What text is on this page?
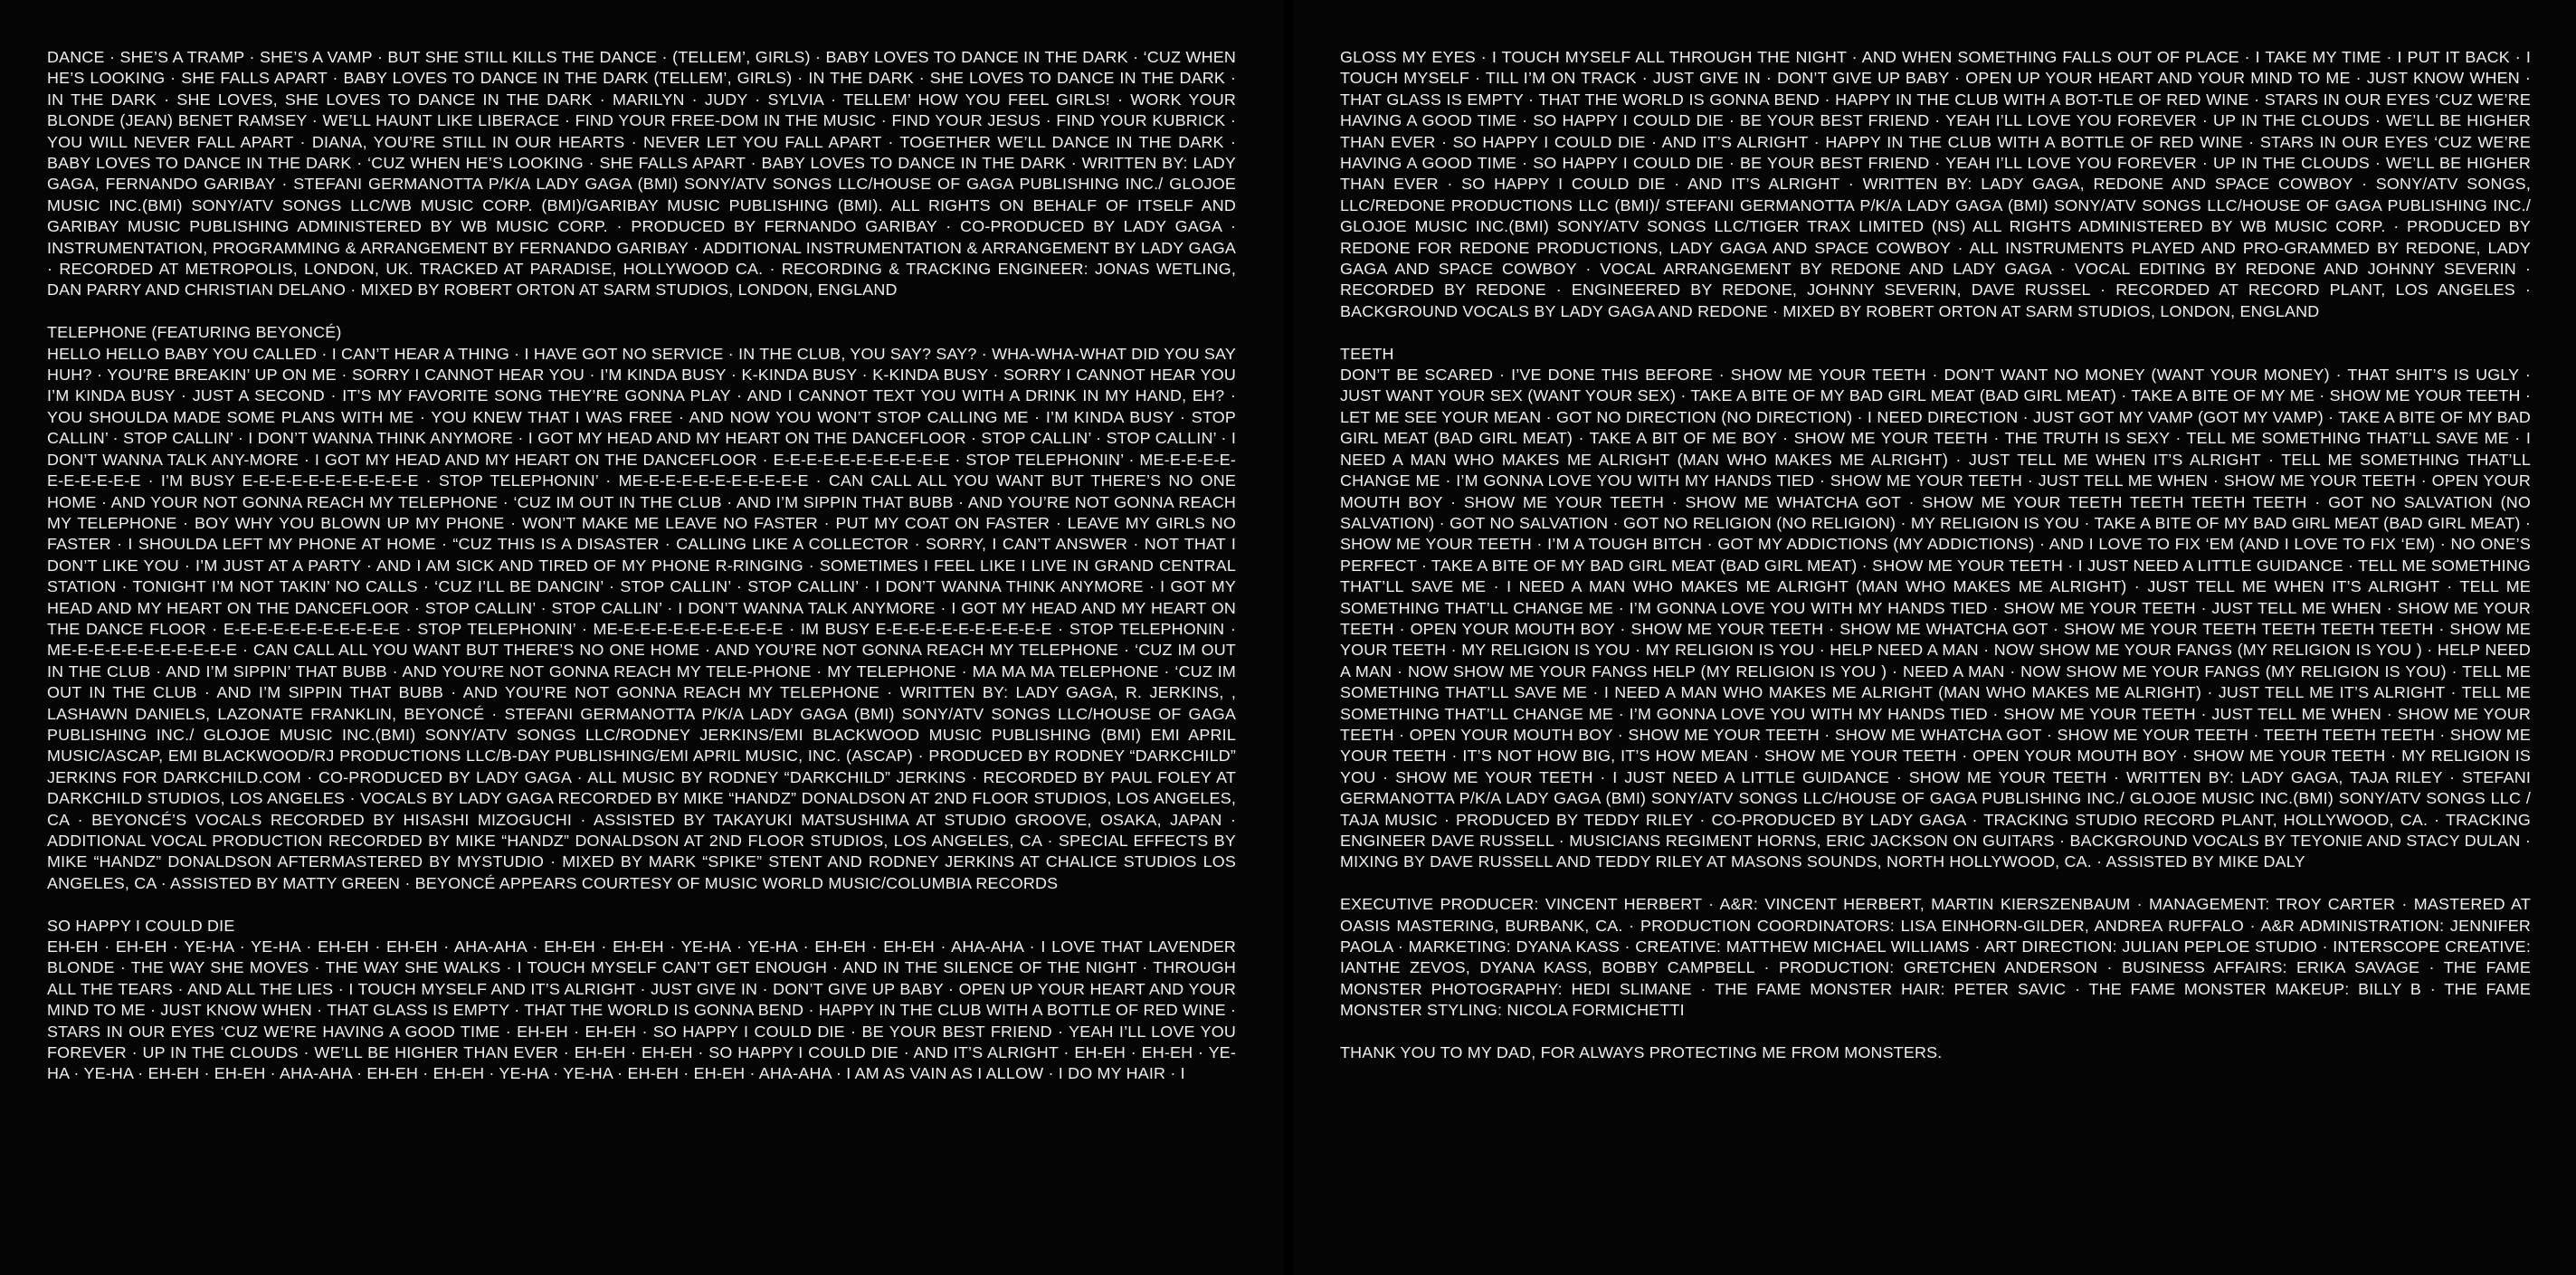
DANCE · SHE’S A TRAMP · SHE’S A VAMP · BUT SHE STILL KILLS THE DANCE · (TELLEM’, GIRLS) · BABY LOVES TO DANCE IN THE DARK · ‘CUZ WHEN HE’S LOOKING · SHE FALLS APART · BABY LOVES TO DANCE IN THE DARK (TELLEM’, GIRLS) · IN THE DARK · SHE LOVES TO DANCE IN THE DARK · IN THE DARK · SHE LOVES, SHE LOVES TO DANCE IN THE DARK · MARILYN · JUDY · SYLVIA · TELLEM’ HOW YOU FEEL GIRLS! · WORK YOUR BLONDE (JEAN) BENET RAMSEY · WE’LL HAUNT LIKE LIBERACE · FIND YOUR FREE-DOM IN THE MUSIC · FIND YOUR JESUS · FIND YOUR KUBRICK · YOU WILL NEVER FALL APART · DIANA, YOU’RE STILL IN OUR HEARTS · NEVER LET YOU FALL APART · TOGETHER WE’LL DANCE IN THE DARK · BABY LOVES TO DANCE IN THE DARK · ‘CUZ WHEN HE’S LOOKING · SHE FALLS APART · BABY LOVES TO DANCE IN THE DARK · WRITTEN BY: LADY GAGA, FERNANDO GARIBAY · STEFANI GERMANOTTA P/K/A LADY GAGA (BMI) SONY/ATV SONGS LLC/HOUSE OF GAGA PUBLISHING INC./ GLOJOE MUSIC INC.(BMI) SONY/ATV SONGS LLC/WB MUSIC CORP. (BMI)/GARIBAY MUSIC PUBLISHING (BMI). ALL RIGHTS ON BEHALF OF ITSELF AND GARIBAY MUSIC PUBLISHING ADMINISTERED BY WB MUSIC CORP. · PRODUCED BY FERNANDO GARIBAY · CO-PRODUCED BY LADY GAGA · INSTRUMENTATION, PROGRAMMING & ARRANGEMENT BY FERNANDO GARIBAY · ADDITIONAL INSTRUMENTATION & ARRANGEMENT BY LADY GAGA · RECORDED AT METROPOLIS, LONDON, UK. TRACKED AT PARADISE, HOLLYWOOD CA. · RECORDING & TRACKING ENGINEER: JONAS WETLING, DAN PARRY AND CHRISTIAN DELANO · MIXED BY ROBERT ORTON AT SARM STUDIOS, LONDON, ENGLAND
TELEPHONE (FEATURING BEYONCÉ)
HELLO HELLO BABY YOU CALLED · I CAN’T HEAR A THING · I HAVE GOT NO SERVICE · IN THE CLUB, YOU SAY? SAY? · WHA-WHA-WHAT DID YOU SAY HUH? · YOU’RE BREAKIN’ UP ON ME · SORRY I CANNOT HEAR YOU · I’M KINDA BUSY · K-KINDA BUSY · K-KINDA BUSY · SORRY I CANNOT HEAR YOU I’M KINDA BUSY · JUST A SECOND · IT’S MY FAVORITE SONG THEY’RE GONNA PLAY · AND I CANNOT TEXT YOU WITH A DRINK IN MY HAND, EH? · YOU SHOULDA MADE SOME PLANS WITH ME · YOU KNEW THAT I WAS FREE · AND NOW YOU WON’T STOP CALLING ME · I’M KINDA BUSY · STOP CALLIN’ · STOP CALLIN’ · I DON’T WANNA THINK ANYMORE · I GOT MY HEAD AND MY HEART ON THE DANCEFLOOR · STOP CALLIN’ · STOP CALLIN’ · I DON’T WANNA TALK ANY-MORE · I GOT MY HEAD AND MY HEART ON THE DANCEFLOOR · E-E-E-E-E-E-E-E-E-E-E · STOP TELEPHONIN’ · ME-E-E-E-E-E-E-E-E-E-E · I’M BUSY E-E-E-E-E-E-E-E-E-E-E · STOP TELEPHONIN’ · ME-E-E-E-E-E-E-E-E-E-E · CAN CALL ALL YOU WANT BUT THERE’S NO ONE HOME · AND YOUR NOT GONNA REACH MY TELEPHONE · ‘CUZ IM OUT IN THE CLUB · AND I’M SIPPIN THAT BUBB · AND YOU’RE NOT GONNA REACH MY TELEPHONE · BOY WHY YOU BLOWN UP MY PHONE · WON’T MAKE ME LEAVE NO FASTER · PUT MY COAT ON FASTER · LEAVE MY GIRLS NO FASTER · I SHOULDA LEFT MY PHONE AT HOME · “CUZ THIS IS A DISASTER · CALLING LIKE A COLLECTOR · SORRY, I CAN’T ANSWER · NOT THAT I DON’T LIKE YOU · I’M JUST AT A PARTY · AND I AM SICK AND TIRED OF MY PHONE R-RINGING · SOMETIMES I FEEL LIKE I LIVE IN GRAND CENTRAL STATION · TONIGHT I’M NOT TAKIN’ NO CALLS · ‘CUZ I’LL BE DANCIN’ · STOP CALLIN’ · STOP CALLIN’ · I DON’T WANNA THINK ANYMORE · I GOT MY HEAD AND MY HEART ON THE DANCEFLOOR · STOP CALLIN’ · STOP CALLIN’ · I DON’T WANNA TALK ANYMORE · I GOT MY HEAD AND MY HEART ON THE DANCE FLOOR · E-E-E-E-E-E-E-E-E-E-E · STOP TELEPHONIN’ · ME-E-E-E-E-E-E-E-E-E-E · IM BUSY E-E-E-E-E-E-E-E-E-E-E · STOP TELEPHONIN · ME-E-E-E-E-E-E-E-E-E-E · CAN CALL ALL YOU WANT BUT THERE’S NO ONE HOME · AND YOU’RE NOT GONNA REACH MY TELEPHONE · ‘CUZ IM OUT IN THE CLUB · AND I’M SIPPIN’ THAT BUBB · AND YOU’RE NOT GONNA REACH MY TELE-PHONE · MY TELEPHONE · MA MA MA TELEPHONE · ‘CUZ IM OUT IN THE CLUB · AND I’M SIPPIN THAT BUBB · AND YOU’RE NOT GONNA REACH MY TELEPHONE · WRITTEN BY: LADY GAGA, R. JERKINS, , LASHAWN DANIELS, LAZONATE FRANKLIN, BEYONCÉ · STEFANI GERMANOTTA P/K/A LADY GAGA (BMI) SONY/ATV SONGS LLC/HOUSE OF GAGA PUBLISHING INC./ GLOJOE MUSIC INC.(BMI) SONY/ATV SONGS LLC/RODNEY JERKINS/EMI BLACKWOOD MUSIC PUBLISHING (BMI) EMI APRIL MUSIC/ASCAP, EMI BLACKWOOD/RJ PRODUCTIONS LLC/B-DAY PUBLISHING/EMI APRIL MUSIC, INC. (ASCAP) · PRODUCED BY RODNEY “DARKCHILD” JERKINS FOR DARKCHILD.COM · CO-PRODUCED BY LADY GAGA · ALL MUSIC BY RODNEY “DARKCHILD” JERKINS · RECORDED BY PAUL FOLEY AT DARKCHILD STUDIOS, LOS ANGELES · VOCALS BY LADY GAGA RECORDED BY MIKE “HANDZ” DONALDSON AT 2ND FLOOR STUDIOS, LOS ANGELES, CA · BEYONCÉ’S VOCALS RECORDED BY HISASHI MIZOGUCHI · ASSISTED BY TAKAYUKI MATSUSHIMA AT STUDIO GROOVE, OSAKA, JAPAN · ADDITIONAL VOCAL PRODUCTION RECORDED BY MIKE “HANDZ” DONALDSON AT 2ND FLOOR STUDIOS, LOS ANGELES, CA · SPECIAL EFFECTS BY MIKE “HANDZ” DONALDSON AFTERMASTERED BY MYSTUDIO · MIXED BY MARK “SPIKE” STENT AND RODNEY JERKINS AT CHALICE STUDIOS LOS ANGELES, CA · ASSISTED BY MATTY GREEN · BEYONCÉ APPEARS COURTESY OF MUSIC WORLD MUSIC/COLUMBIA RECORDS
SO HAPPY I COULD DIE
EH-EH · EH-EH · YE-HA · YE-HA · EH-EH · EH-EH · AHA-AHA · EH-EH · EH-EH · YE-HA · YE-HA · EH-EH · EH-EH · AHA-AHA · I LOVE THAT LAVENDER BLONDE · THE WAY SHE MOVES · THE WAY SHE WALKS · I TOUCH MYSELF CAN’T GET ENOUGH · AND IN THE SILENCE OF THE NIGHT · THROUGH ALL THE TEARS · AND ALL THE LIES · I TOUCH MYSELF AND IT’S ALRIGHT · JUST GIVE IN · DON’T GIVE UP BABY · OPEN UP YOUR HEART AND YOUR MIND TO ME · JUST KNOW WHEN · THAT GLASS IS EMPTY · THAT THE WORLD IS GONNA BEND · HAPPY IN THE CLUB WITH A BOTTLE OF RED WINE · STARS IN OUR EYES ‘CUZ WE’RE HAVING A GOOD TIME · EH-EH · EH-EH · SO HAPPY I COULD DIE · BE YOUR BEST FRIEND · YEAH I’LL LOVE YOU FOREVER · UP IN THE CLOUDS · WE’LL BE HIGHER THAN EVER · EH-EH · EH-EH · SO HAPPY I COULD DIE · AND IT’S ALRIGHT · EH-EH · EH-EH · YE-HA · YE-HA · EH-EH · EH-EH · AHA-AHA · EH-EH · EH-EH · YE-HA · YE-HA · EH-EH · EH-EH · AHA-AHA · I AM AS VAIN AS I ALLOW · I DO MY HAIR · I
GLOSS MY EYES · I TOUCH MYSELF ALL THROUGH THE NIGHT · AND WHEN SOMETHING FALLS OUT OF PLACE · I TAKE MY TIME · I PUT IT BACK · I TOUCH MYSELF · TILL I’M ON TRACK · JUST GIVE IN · DON’T GIVE UP BABY · OPEN UP YOUR HEART AND YOUR MIND TO ME · JUST KNOW WHEN · THAT GLASS IS EMPTY · THAT THE WORLD IS GONNA BEND · HAPPY IN THE CLUB WITH A BOT-TLE OF RED WINE · STARS IN OUR EYES ‘CUZ WE’RE HAVING A GOOD TIME · SO HAPPY I COULD DIE · BE YOUR BEST FRIEND · YEAH I’LL LOVE YOU FOREVER · UP IN THE CLOUDS · WE’LL BE HIGHER THAN EVER · SO HAPPY I COULD DIE · AND IT’S ALRIGHT · HAPPY IN THE CLUB WITH A BOTTLE OF RED WINE · STARS IN OUR EYES ‘CUZ WE’RE HAVING A GOOD TIME · SO HAPPY I COULD DIE · BE YOUR BEST FRIEND · YEAH I’LL LOVE YOU FOREVER · UP IN THE CLOUDS · WE’LL BE HIGHER THAN EVER · SO HAPPY I COULD DIE · AND IT’S ALRIGHT · WRITTEN BY: LADY GAGA, REDONE AND SPACE COWBOY · SONY/ATV SONGS, LLC/REDONE PRODUCTIONS LLC (BMI)/ STEFANI GERMANOTTA P/K/A LADY GAGA (BMI) SONY/ATV SONGS LLC/HOUSE OF GAGA PUBLISHING INC./ GLOJOE MUSIC INC.(BMI) SONY/ATV SONGS LLC/TIGER TRAX LIMITED (NS) ALL RIGHTS ADMINISTERED BY WB MUSIC CORP. · PRODUCED BY REDONE FOR REDONE PRODUCTIONS, LADY GAGA AND SPACE COWBOY · ALL INSTRUMENTS PLAYED AND PRO-GRAMMED BY REDONE, LADY GAGA AND SPACE COWBOY · VOCAL ARRANGEMENT BY REDONE AND LADY GAGA · VOCAL EDITING BY REDONE AND JOHNNY SEVERIN · RECORDED BY REDONE · ENGINEERED BY REDONE, JOHNNY SEVERIN, DAVE RUSSEL · RECORDED AT RECORD PLANT, LOS ANGELES · BACKGROUND VOCALS BY LADY GAGA AND REDONE · MIXED BY ROBERT ORTON AT SARM STUDIOS, LONDON, ENGLAND
TEETH
DON’T BE SCARED · I’VE DONE THIS BEFORE · SHOW ME YOUR TEETH · DON’T WANT NO MONEY (WANT YOUR MONEY) · THAT SHIT’S IS UGLY · JUST WANT YOUR SEX (WANT YOUR SEX) · TAKE A BITE OF MY BAD GIRL MEAT (BAD GIRL MEAT) · TAKE A BITE OF MY ME · SHOW ME YOUR TEETH · LET ME SEE YOUR MEAN · GOT NO DIRECTION (NO DIRECTION) · I NEED DIRECTION · JUST GOT MY VAMP (GOT MY VAMP) · TAKE A BITE OF MY BAD GIRL MEAT (BAD GIRL MEAT) · TAKE A BIT OF ME BOY · SHOW ME YOUR TEETH · THE TRUTH IS SEXY · TELL ME SOMETHING THAT’LL SAVE ME · I NEED A MAN WHO MAKES ME ALRIGHT (MAN WHO MAKES ME ALRIGHT) · JUST TELL ME WHEN IT’S ALRIGHT · TELL ME SOMETHING THAT’LL CHANGE ME · I’M GONNA LOVE YOU WITH MY HANDS TIED · SHOW ME YOUR TEETH · JUST TELL ME WHEN · SHOW ME YOUR TEETH · OPEN YOUR MOUTH BOY · SHOW ME YOUR TEETH · SHOW ME WHATCHA GOT · SHOW ME YOUR TEETH TEETH TEETH TEETH · GOT NO SALVATION (NO SALVATION) · GOT NO SALVATION · GOT NO RELIGION (NO RELIGION) · MY RELIGION IS YOU · TAKE A BITE OF MY BAD GIRL MEAT (BAD GIRL MEAT) · SHOW ME YOUR TEETH · I’M A TOUGH BITCH · GOT MY ADDICTIONS (MY ADDICTIONS) · AND I LOVE TO FIX ‘EM (AND I LOVE TO FIX ‘EM) · NO ONE’S PERFECT · TAKE A BITE OF MY BAD GIRL MEAT (BAD GIRL MEAT) · SHOW ME YOUR TEETH · I JUST NEED A LITTLE GUIDANCE · TELL ME SOMETHING THAT’LL SAVE ME · I NEED A MAN WHO MAKES ME ALRIGHT (MAN WHO MAKES ME ALRIGHT) · JUST TELL ME WHEN IT’S ALRIGHT · TELL ME SOMETHING THAT’LL CHANGE ME · I’M GONNA LOVE YOU WITH MY HANDS TIED · SHOW ME YOUR TEETH · JUST TELL ME WHEN · SHOW ME YOUR TEETH · OPEN YOUR MOUTH BOY · SHOW ME YOUR TEETH · SHOW ME WHATCHA GOT · SHOW ME YOUR TEETH TEETH TEETH TEETH · SHOW ME YOUR TEETH · MY RELIGION IS YOU · MY RELIGION IS YOU · HELP NEED A MAN · NOW SHOW ME YOUR FANGS (MY RELIGION IS YOU ) · HELP NEED A MAN · NOW SHOW ME YOUR FANGS HELP (MY RELIGION IS YOU ) · NEED A MAN · NOW SHOW ME YOUR FANGS (MY RELIGION IS YOU) · TELL ME SOMETHING THAT’LL SAVE ME · I NEED A MAN WHO MAKES ME ALRIGHT (MAN WHO MAKES ME ALRIGHT) · JUST TELL ME IT’S ALRIGHT · TELL ME SOMETHING THAT’LL CHANGE ME · I’M GONNA LOVE YOU WITH MY HANDS TIED · SHOW ME YOUR TEETH · JUST TELL ME WHEN · SHOW ME YOUR TEETH · OPEN YOUR MOUTH BOY · SHOW ME YOUR TEETH · SHOW ME WHATCHA GOT · SHOW ME YOUR TEETH · TEETH TEETH TEETH · SHOW ME YOUR TEETH · IT’S NOT HOW BIG, IT’S HOW MEAN · SHOW ME YOUR TEETH · OPEN YOUR MOUTH BOY · SHOW ME YOUR TEETH · MY RELIGION IS YOU · SHOW ME YOUR TEETH · I JUST NEED A LITTLE GUIDANCE · SHOW ME YOUR TEETH · WRITTEN BY: LADY GAGA, TAJA RILEY · STEFANI GERMANOTTA P/K/A LADY GAGA (BMI) SONY/ATV SONGS LLC/HOUSE OF GAGA PUBLISHING INC./ GLOJOE MUSIC INC.(BMI) SONY/ATV SONGS LLC / TAJA MUSIC · PRODUCED BY TEDDY RILEY · CO-PRODUCED BY LADY GAGA · TRACKING STUDIO RECORD PLANT, HOLLYWOOD, CA. · TRACKING ENGINEER DAVE RUSSELL · MUSICIANS REGIMENT HORNS, ERIC JACKSON ON GUITARS · BACKGROUND VOCALS BY TEYONIE AND STACY DULAN · MIXING BY DAVE RUSSELL AND TEDDY RILEY AT MASONS SOUNDS, NORTH HOLLYWOOD, CA. · ASSISTED BY MIKE DALY
EXECUTIVE PRODUCER: VINCENT HERBERT · A&R: VINCENT HERBERT, MARTIN KIERSZENBAUM · MANAGEMENT: TROY CARTER · MASTERED AT OASIS MASTERING, BURBANK, CA. · PRODUCTION COORDINATORS: LISA EINHORN-GILDER, ANDREA RUFFALO · A&R ADMINISTRATION: JENNIFER PAOLA · MARKETING: DYANA KASS · CREATIVE: MATTHEW MICHAEL WILLIAMS · ART DIRECTION: JULIAN PEPLOE STUDIO · INTERSCOPE CREATIVE: IANTHE ZEVOS, DYANA KASS, BOBBY CAMPBELL · PRODUCTION: GRETCHEN ANDERSON · BUSINESS AFFAIRS: ERIKA SAVAGE · THE FAME MONSTER PHOTOGRAPHY: HEDI SLIMANE · THE FAME MONSTER HAIR: PETER SAVIC · THE FAME MONSTER MAKEUP: BILLY B · THE FAME MONSTER STYLING: NICOLA FORMICHETTI
THANK YOU TO MY DAD, FOR ALWAYS PROTECTING ME FROM MONSTERS.
